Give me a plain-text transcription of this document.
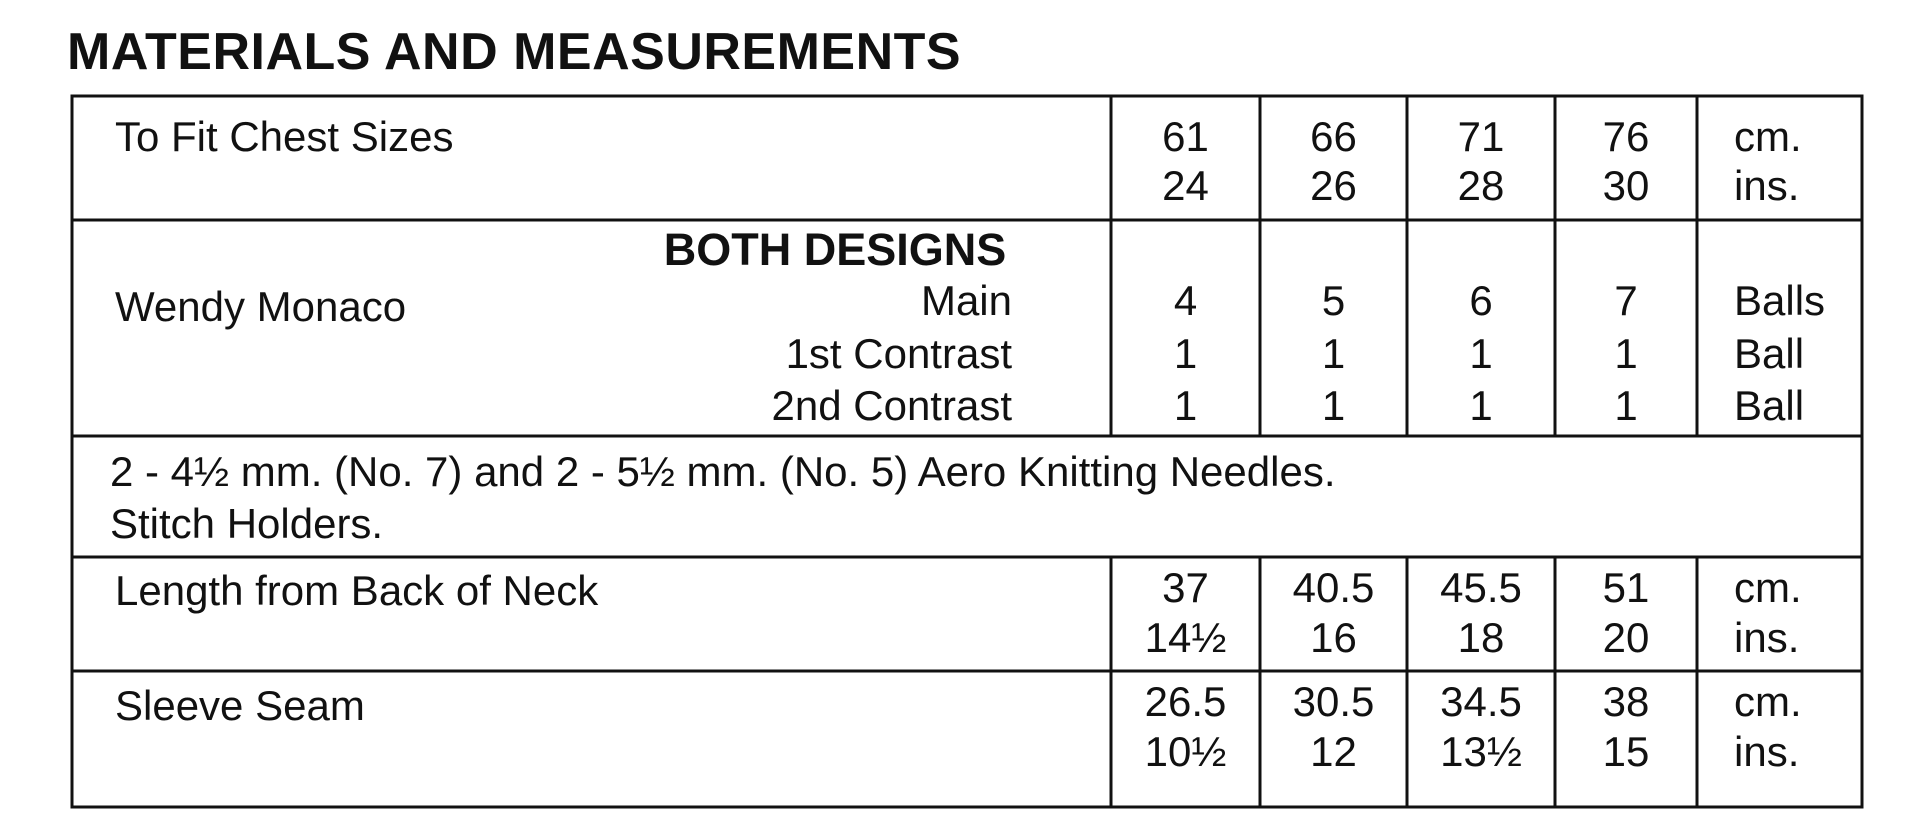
MATERIALS AND MEASUREMENTS
To Fit Chest Sizes	61	66	71	76	cm.
24	26	28	30	ins.
BOTH DESIGNS
Wendy Monaco	Main	4	5	6	7	Balls
1st Contrast	1	1	1	1	Ball
2nd Contrast	1	1	1	1	Ball
2 - 4½ mm. (No. 7) and 2 - 5½ mm. (No. 5) Aero Knitting Needles.
Stitch Holders.
Length from Back of Neck	37	40.5	45.5	51	cm.
14½	16	18	20	ins.
Sleeve Seam	26.5	30.5	34.5	38	cm.
10½	12	13½	15	ins.
